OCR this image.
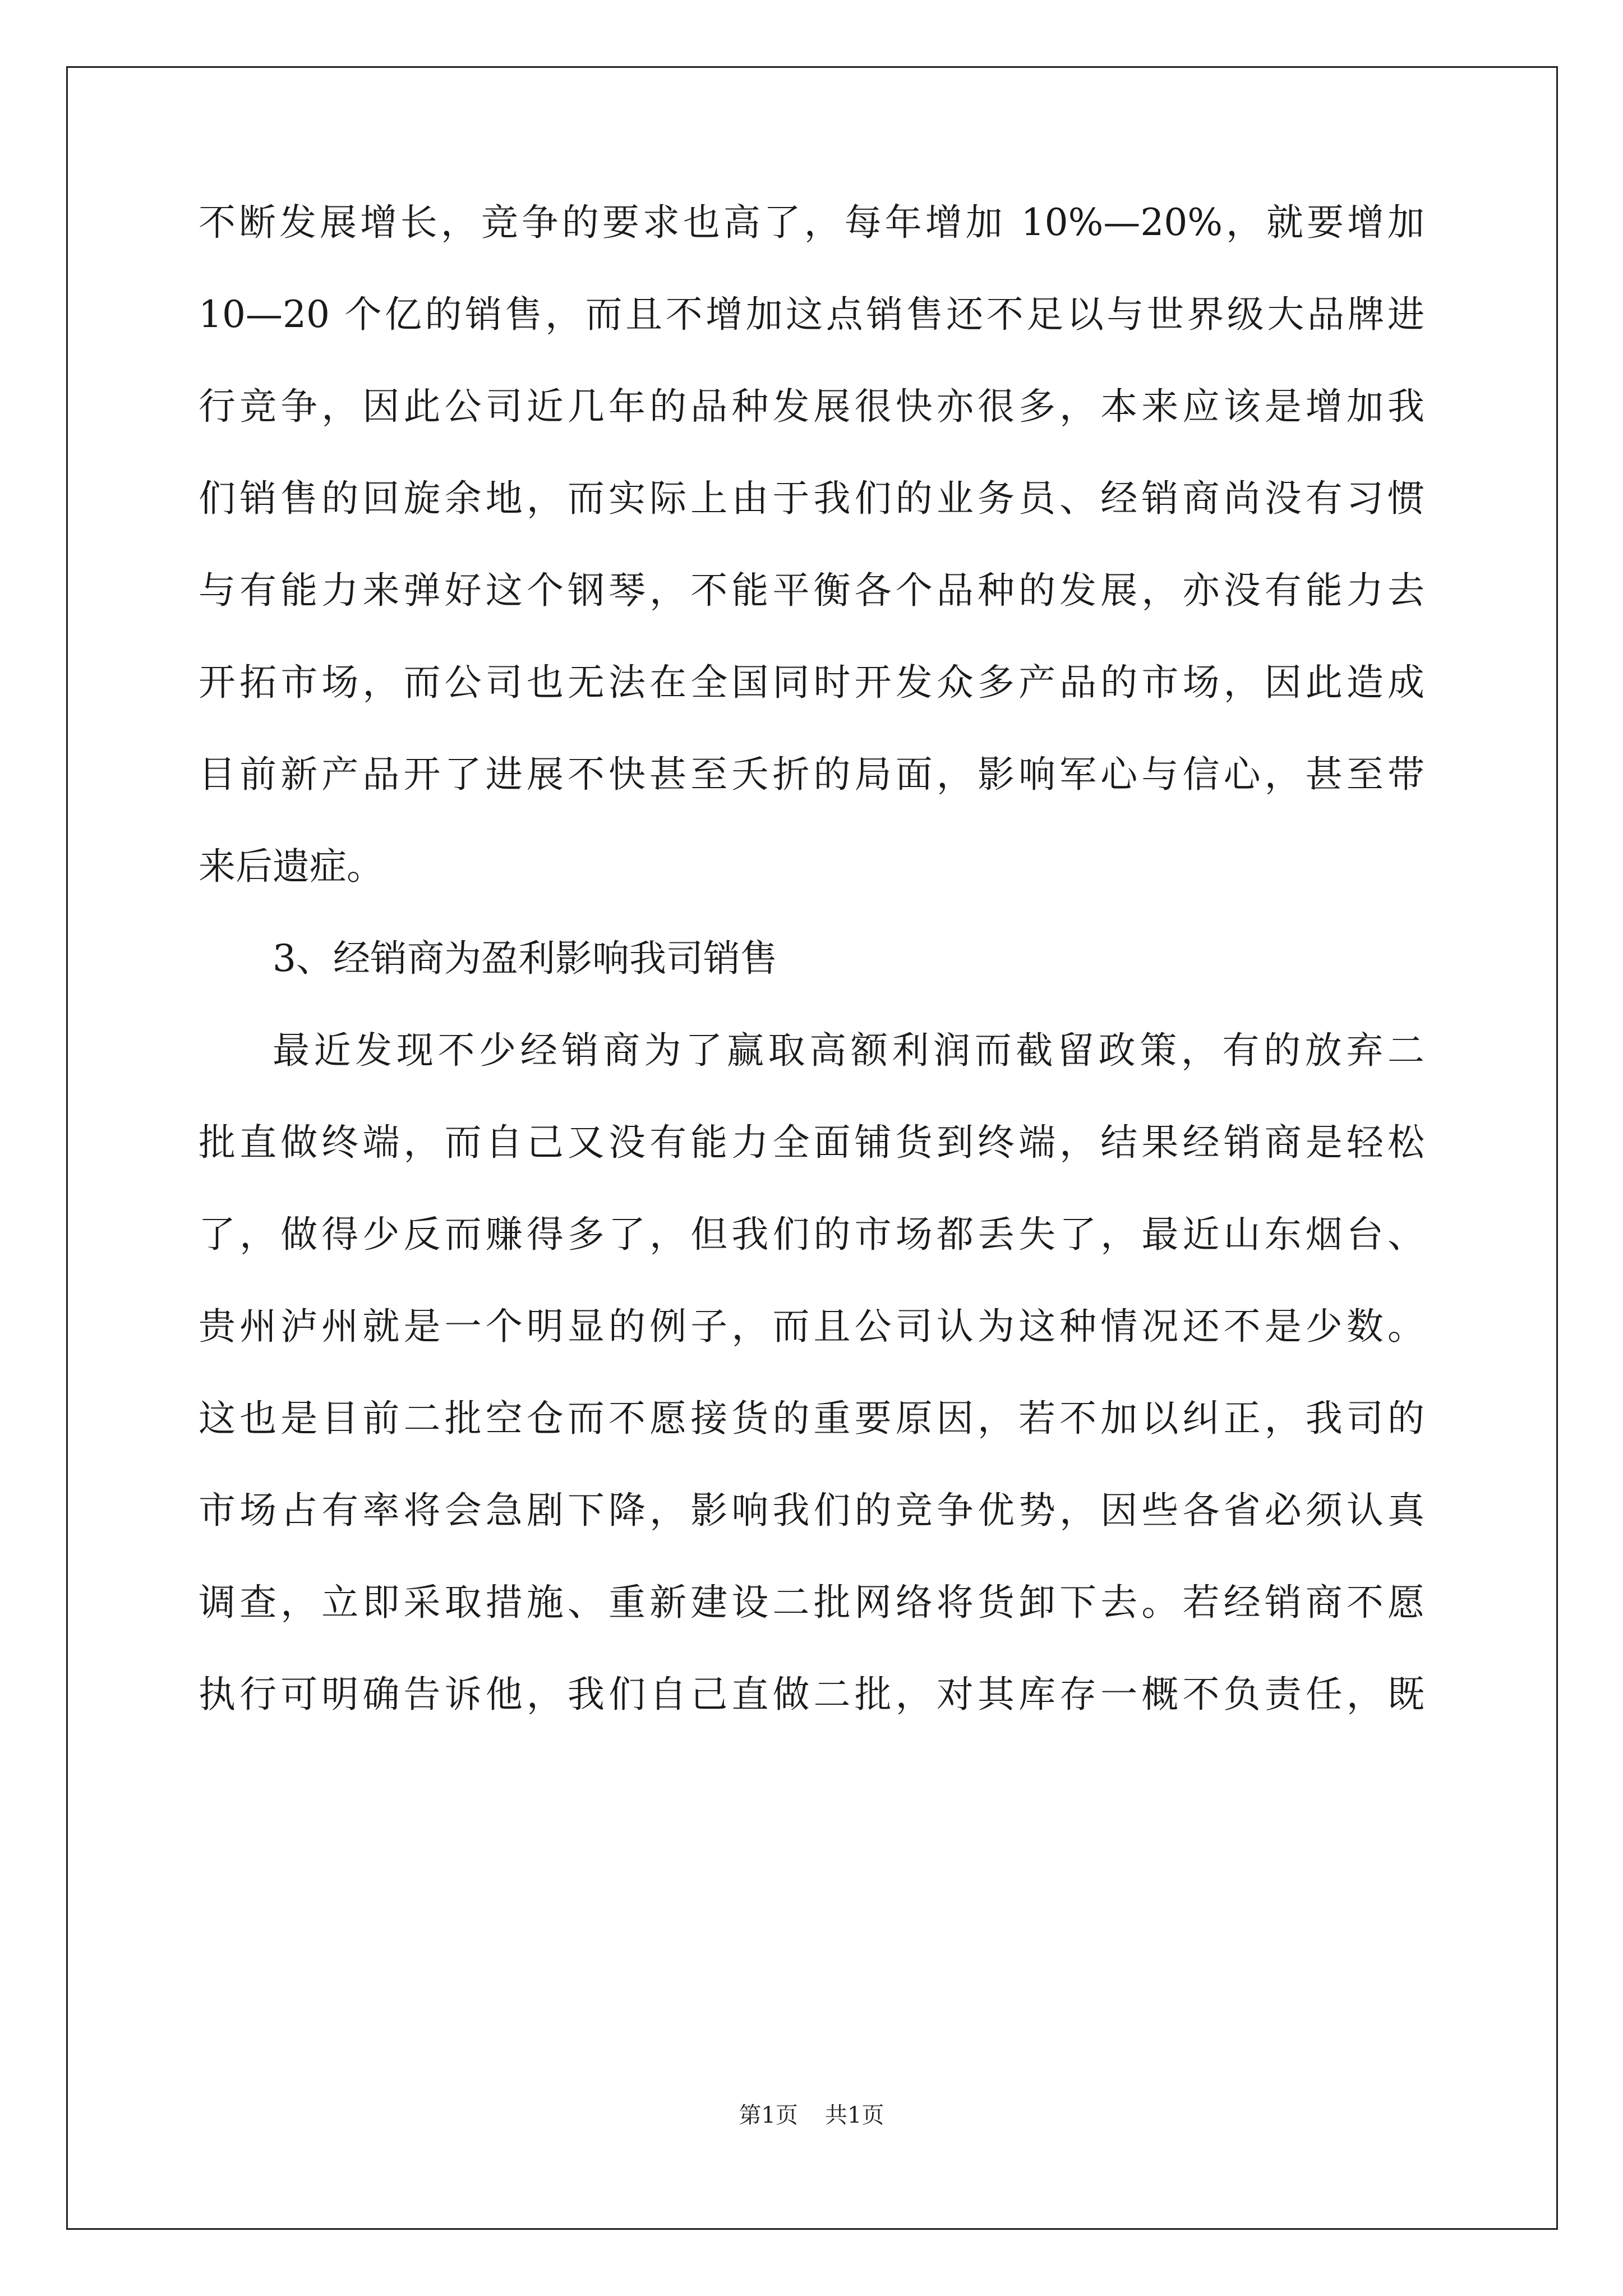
不断发展增长，竞争的要求也高了，每年增加 10%—20%，就要增加
10—20 个亿的销售，而且不增加这点销售还不足以与世界级大品牌进
行竞争，因此公司近几年的品种发展很快亦很多，本来应该是增加我
们销售的回旋余地，而实际上由于我们的业务员、经销商尚没有习惯
与有能力来弹好这个钢琴，不能平衡各个品种的发展，亦没有能力去
开拓市场，而公司也无法在全国同时开发众多产品的市场，因此造成
目前新产品开了进展不快甚至夭折的局面，影响军心与信心，甚至带
来后遗症。
3、经销商为盈利影响我司销售
最近发现不少经销商为了赢取高额利润而截留政策，有的放弃二
批直做终端，而自己又没有能力全面铺货到终端，结果经销商是轻松
了，做得少反而赚得多了，但我们的市场都丢失了，最近山东烟台、
贵州泸州就是一个明显的例子，而且公司认为这种情况还不是少数。
这也是目前二批空仓而不愿接货的重要原因，若不加以纠正，我司的
市场占有率将会急剧下降，影响我们的竞争优势，因些各省必须认真
调查，立即采取措施、重新建设二批网络将货卸下去。若经销商不愿
执行可明确告诉他，我们自己直做二批，对其库存一概不负责任，既
第1页 共1页
